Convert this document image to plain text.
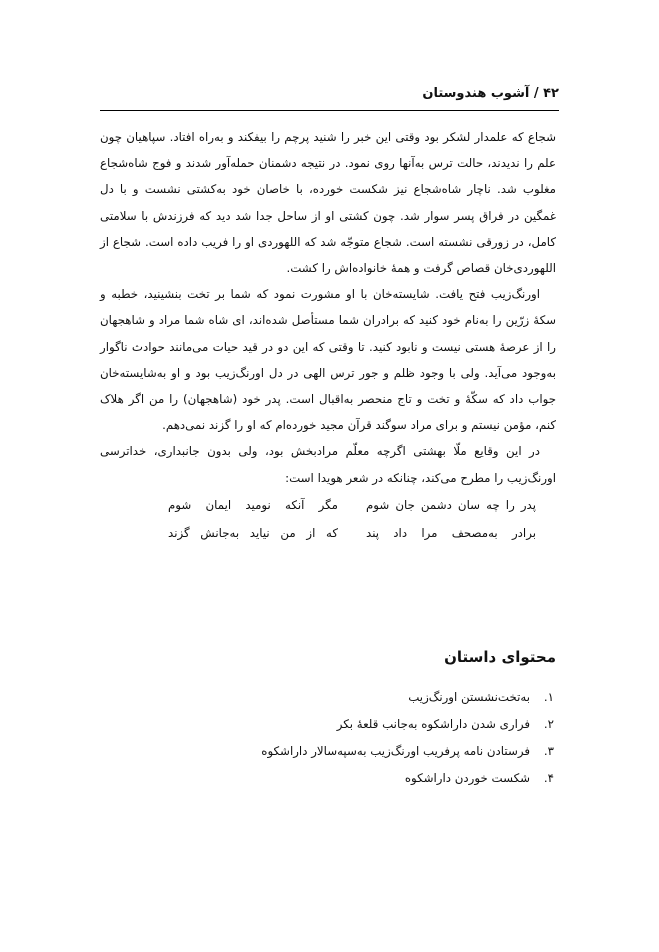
۴۲ / آشوب هندوستان

شجاع که علمدار لشکر بود وقتی این خبر را شنید پرچم را بیفکند و به‌راه افتاد. سپاهیان چون علم را ندیدند، حالت ترس به‌آنها روی نمود. در نتیجه دشمنان حمله‌آور شدند و فوج شاه‌شجاع مغلوب شد. ناچار شاه‌شجاع نیز شکست خورده، با خاصان خود به‌کشتی نشست و با دل غمگین در فراق پسر سوار شد. چون کشتی او از ساحل جدا شد دید که فرزندش با سلامتی کامل، در زورقی نشسته است. شجاع متوجّه شد که اللهوردی او را فریب داده است. شجاع از اللهوردی‌خان قصاص گرفت و همهٔ خانواده‌اش را کشت.

اورنگ‌زیب فتح یافت. شایسته‌خان با او مشورت نمود که شما بر تخت بنشینید، خطبه و سکهٔ زرّین را به‌نام خود کنید که برادران شما مستأصل شده‌اند، ای شاه شما مراد و شاهجهان را از عرصهٔ هستی نیست و نابود کنید. تا وقتی که این دو در قید حیات می‌مانند حوادث ناگوار به‌وجود می‌آید. ولی با وجود ظلم و جور ترس الهی در دل اورنگ‌زیب بود و او به‌شایسته‌خان جواب داد که سکّهٔ و تخت و تاج منحصر به‌اقبال است. پدر خود (شاهجهان) را من اگر هلاک کنم، مؤمن نیستم و برای مراد سوگند قرآن مجید خورده‌ام که او را گزند نمی‌دهم.

در این وقایع ملّا بهشتی اگرچه معلّم مرادبخش بود، ولی بدون جانبداری، خداترسی اورنگ‌زیب را مطرح می‌کند، چنانکه در شعر هویدا است:

پدر را چه سان دشمن جان شوم
مگر آنکه نومید ایمان شوم
برادر به‌مصحف مرا داد پند
که از من نیاید به‌جانش گزند
محتوای داستان
۱.
به‌تخت‌نشستن اورنگ‌زیب
۲.
فراری شدن داراشکوه به‌جانب قلعهٔ بکر
۳.
فرستادن نامه پرفریب اورنگ‌زیب به‌سپه‌سالار داراشکوه
۴.
شکست خوردن داراشکوه
